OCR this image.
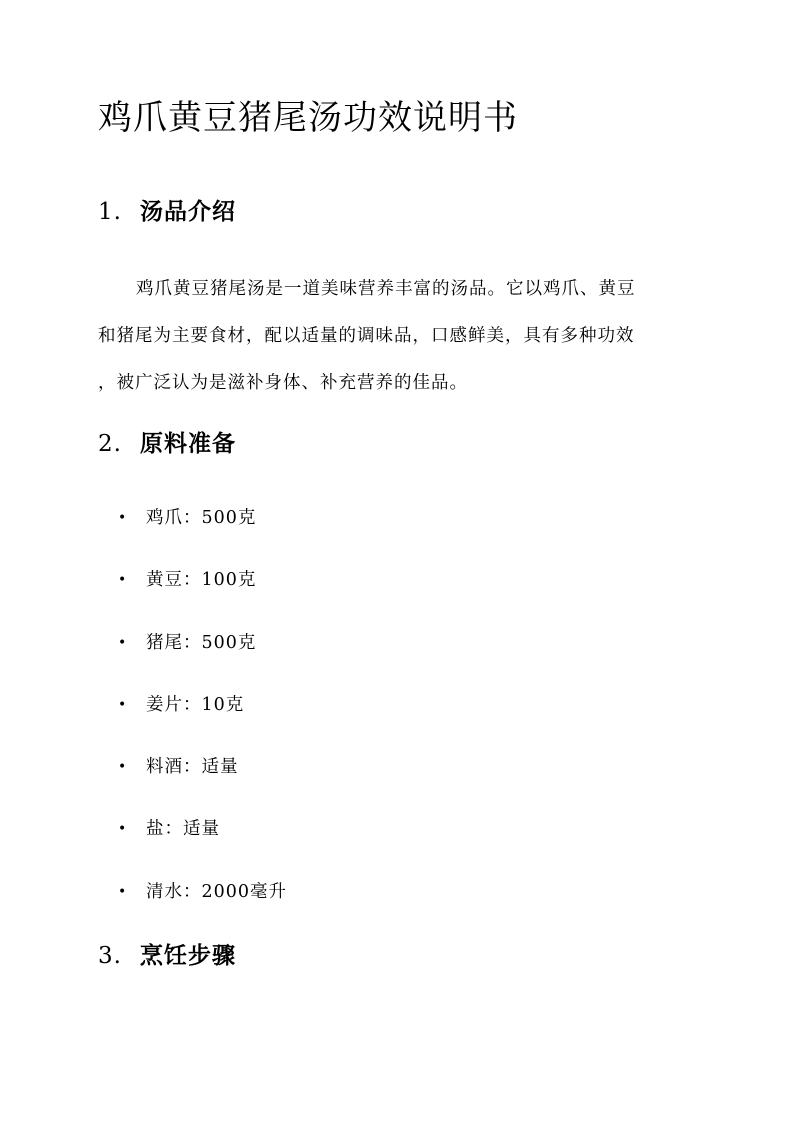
鸡爪黄豆猪尾汤功效说明书
1. 汤品介绍

鸡爪黄豆猪尾汤是一道美味营养丰富的汤品。它以鸡爪、黄豆
和猪尾为主要食材，配以适量的调味品，口感鲜美，具有多种功效
，被广泛认为是滋补身体、补充营养的佳品。

2. 原料准备
• 鸡爪：500克
• 黄豆：100克
• 猪尾：500克
• 姜片：10克
• 料酒：适量
• 盐：适量
• 清水：2000毫升
3. 烹饪步骤
